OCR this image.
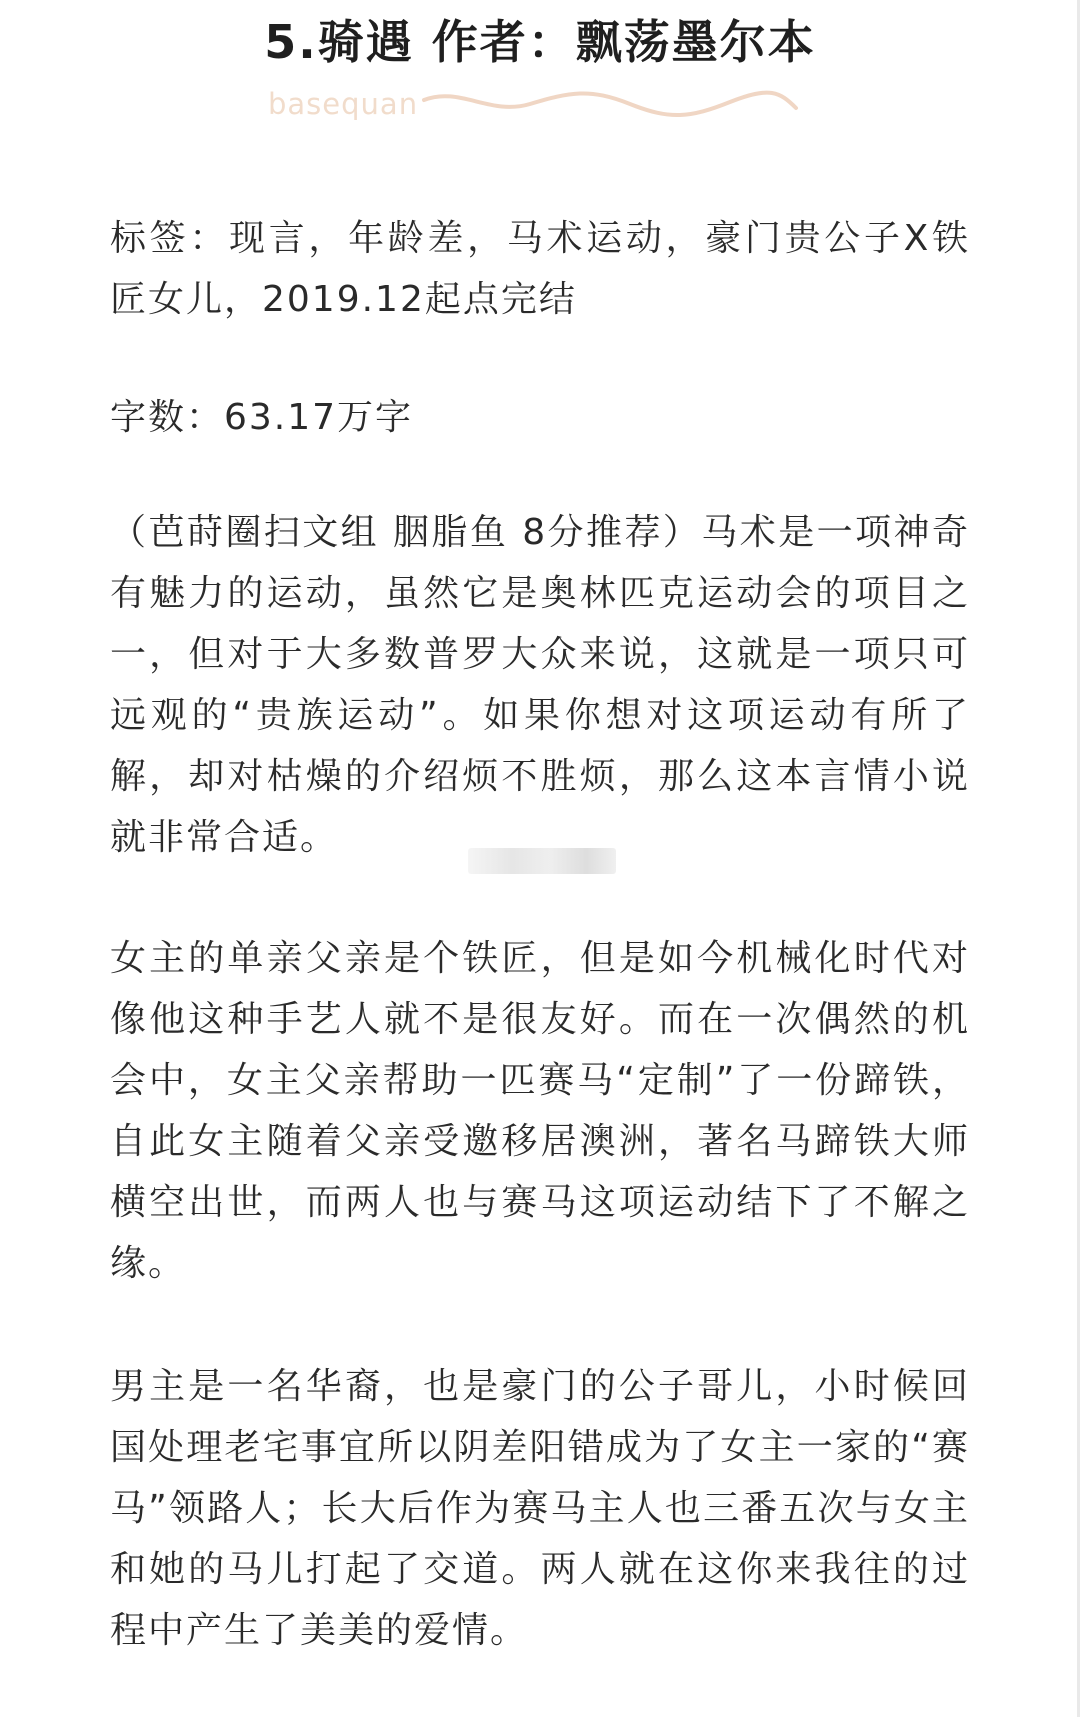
5.骑遇 作者：飘荡墨尔本
basequan

标签：现言，年龄差，马术运动，豪门贵公子X铁匠女儿，2019.12起点完结

字数：63.17万字

（芭莳圈扫文组 胭脂鱼 8分推荐）马术是一项神奇有魅力的运动，虽然它是奥林匹克运动会的项目之一，但对于大多数普罗大众来说，这就是一项只可远观的“贵族运动”。如果你想对这项运动有所了解，却对枯燥的介绍烦不胜烦，那么这本言情小说就非常合适。

女主的单亲父亲是个铁匠，但是如今机械化时代对像他这种手艺人就不是很友好。而在一次偶然的机会中，女主父亲帮助一匹赛马“定制”了一份蹄铁，自此女主随着父亲受邀移居澳洲，著名马蹄铁大师横空出世，而两人也与赛马这项运动结下了不解之缘。

男主是一名华裔，也是豪门的公子哥儿，小时候回国处理老宅事宜所以阴差阳错成为了女主一家的“赛马”领路人；长大后作为赛马主人也三番五次与女主和她的马儿打起了交道。两人就在这你来我往的过程中产生了美美的爱情。
